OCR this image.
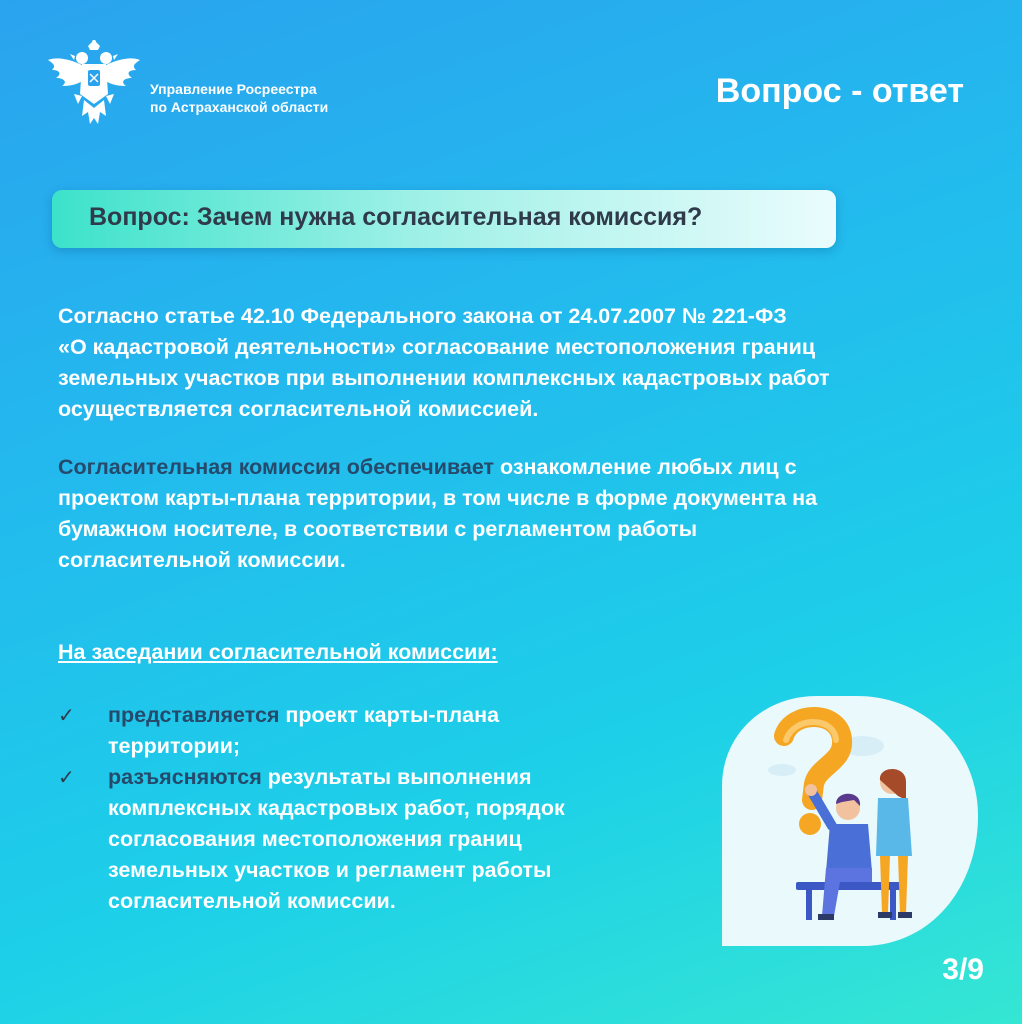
Управление Росреестра
по Астраханской области	Вопрос - ответ
Вопрос: Зачем нужна согласительная комиссия?
Согласно статье 42.10 Федерального закона от 24.07.2007 № 221-ФЗ
«О кадастровой деятельности» согласование местоположения границ
земельных участков при выполнении комплексных кадастровых работ
осуществляется согласительной комиссией.
Согласительная комиссия обеспечивает ознакомление любых лиц с
проектом карты-плана территории, в том числе в форме документа на
бумажном носителе, в соответствии с регламентом работы
согласительной комиссии.
На заседании согласительной комиссии:
✓ представляется проект карты-плана
территории;
✓ разъясняются результаты выполнения
комплексных кадастровых работ, порядок
согласования местоположения границ
земельных участков и регламент работы
согласительной комиссии.
3/9
